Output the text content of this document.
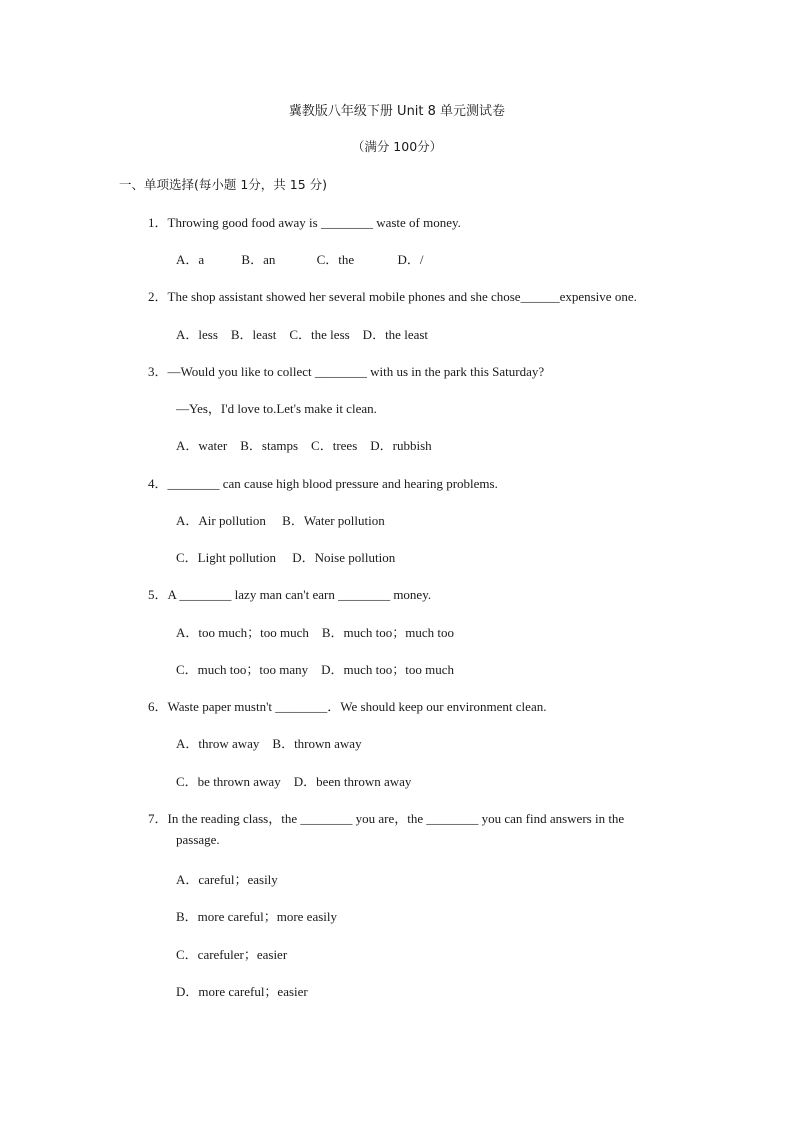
冀教版八年级下册 Unit 8 单元测试卷
（满分 100分）
一、单项选择(每小题 1分，共 15 分)
1．Throwing good food away is ________ waste of money.
A．a	B．an	C．the	D．/
2．The shop assistant showed her several mobile phones and she chose______expensive one.
A．less　B．least　C．the less　D．the least
3．—Would you like to collect ________ with us in the park this Saturday?
—Yes，I'd love to.Let's make it clean.
A．water　B．stamps　C．trees　D．rubbish
4．________ can cause high blood pressure and hearing problems.
A．Air pollution　 B．Water pollution
C．Light pollution　 D．Noise pollution
5．A ________ lazy man can't earn ________ money.
A．too much；too much　B．much too；much too
C．much too；too many　D．much too；too much
6．Waste paper mustn't ________．We should keep our environment clean.
A．throw away　B．thrown away
C．be thrown away　D．been thrown away
7．In the reading class，the ________ you are，the ________ you can find answers in the
passage.
A．careful；easily
B．more careful；more easily
C．carefuler；easier
D．more careful；easier
